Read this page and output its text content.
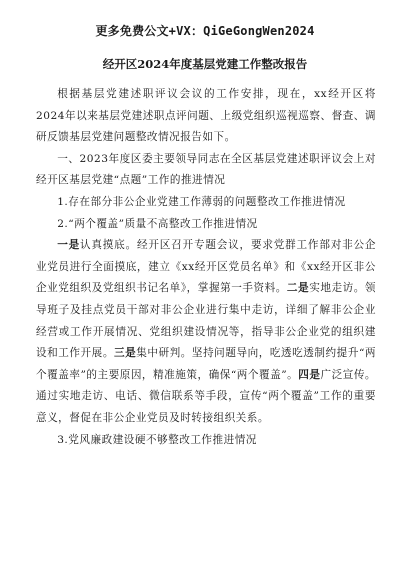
更多免费公文+VX：QiGeGongWen2024
经开区2024年度基层党建工作整改报告

根据基层党建述职评议会议的工作安排，现在，xx经开区将2024年以来基层党建述职点评问题、上级党组织巡视巡察、督查、调研反馈基层党建问题整改情况报告如下。

一、2023年度区委主要领导同志在全区基层党建述职评议会上对经开区基层党建“点题”工作的推进情况

1.存在部分非公企业党建工作薄弱的问题整改工作推进情况

2.“两个覆盖”质量不高整改工作推进情况

一是认真摸底。经开区召开专题会议，要求党群工作部对非公企业党员进行全面摸底，建立《xx经开区党员名单》和《xx经开区非公企业党组织及党组织书记名单》，掌握第一手资料。二是实地走访。领导班子及挂点党员干部对非公企业进行集中走访，详细了解非公企业经营或工作开展情况、党组织建设情况等，指导非公企业党的组织建设和工作开展。三是集中研判。坚持问题导向，吃透吃透制约提升“两个覆盖率”的主要原因，精准施策，确保“两个覆盖”。四是广泛宣传。通过实地走访、电话、微信联系等手段，宣传“两个覆盖”工作的重要意义，督促在非公企业党员及时转接组织关系。

3.党风廉政建设硬不够整改工作推进情况
